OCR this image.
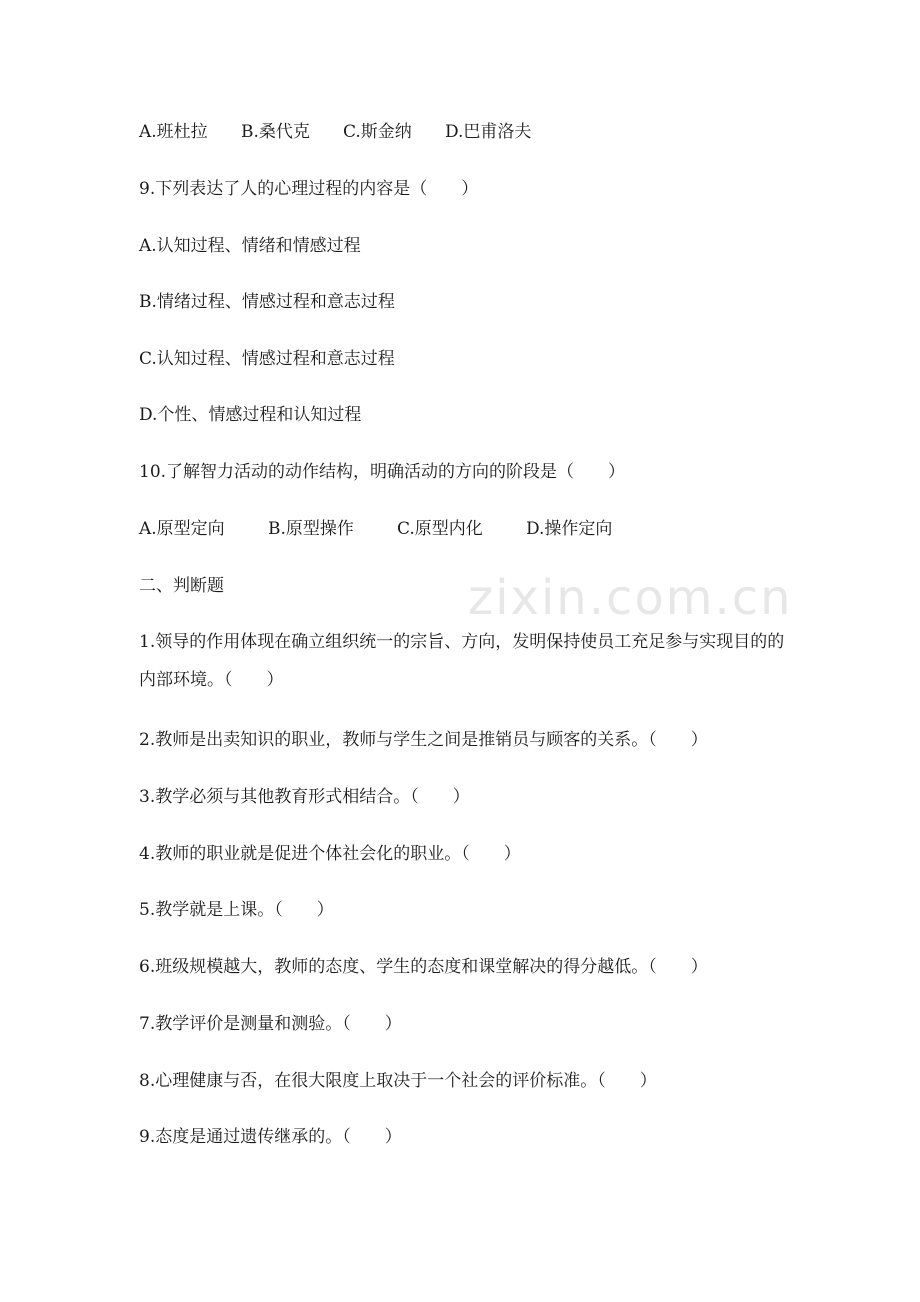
A.班杜拉 B.桑代克 C.斯金纳 D.巴甫洛夫
9.下列表达了人的心理过程的内容是（　　）
A.认知过程、情绪和情感过程
B.情绪过程、情感过程和意志过程
C.认知过程、情感过程和意志过程
D.个性、情感过程和认知过程
10.了解智力活动的动作结构，明确活动的方向的阶段是（　　）
A.原型定向	B.原型操作	C.原型内化	D.操作定向
二、判断题
1.领导的作用体现在确立组织统一的宗旨、方向，发明保持使员工充足参与实现目的的内部环境。（　　）
2.教师是出卖知识的职业，教师与学生之间是推销员与顾客的关系。（　　）
3.教学必须与其他教育形式相结合。（　　）
4.教师的职业就是促进个体社会化的职业。（　　）
5.教学就是上课。（　　）
6.班级规模越大，教师的态度、学生的态度和课堂解决的得分越低。（　　）
7.教学评价是测量和测验。（　　）
8.心理健康与否，在很大限度上取决于一个社会的评价标准。（　　）
9.态度是通过遗传继承的。（　　）
zixin.com.cn
